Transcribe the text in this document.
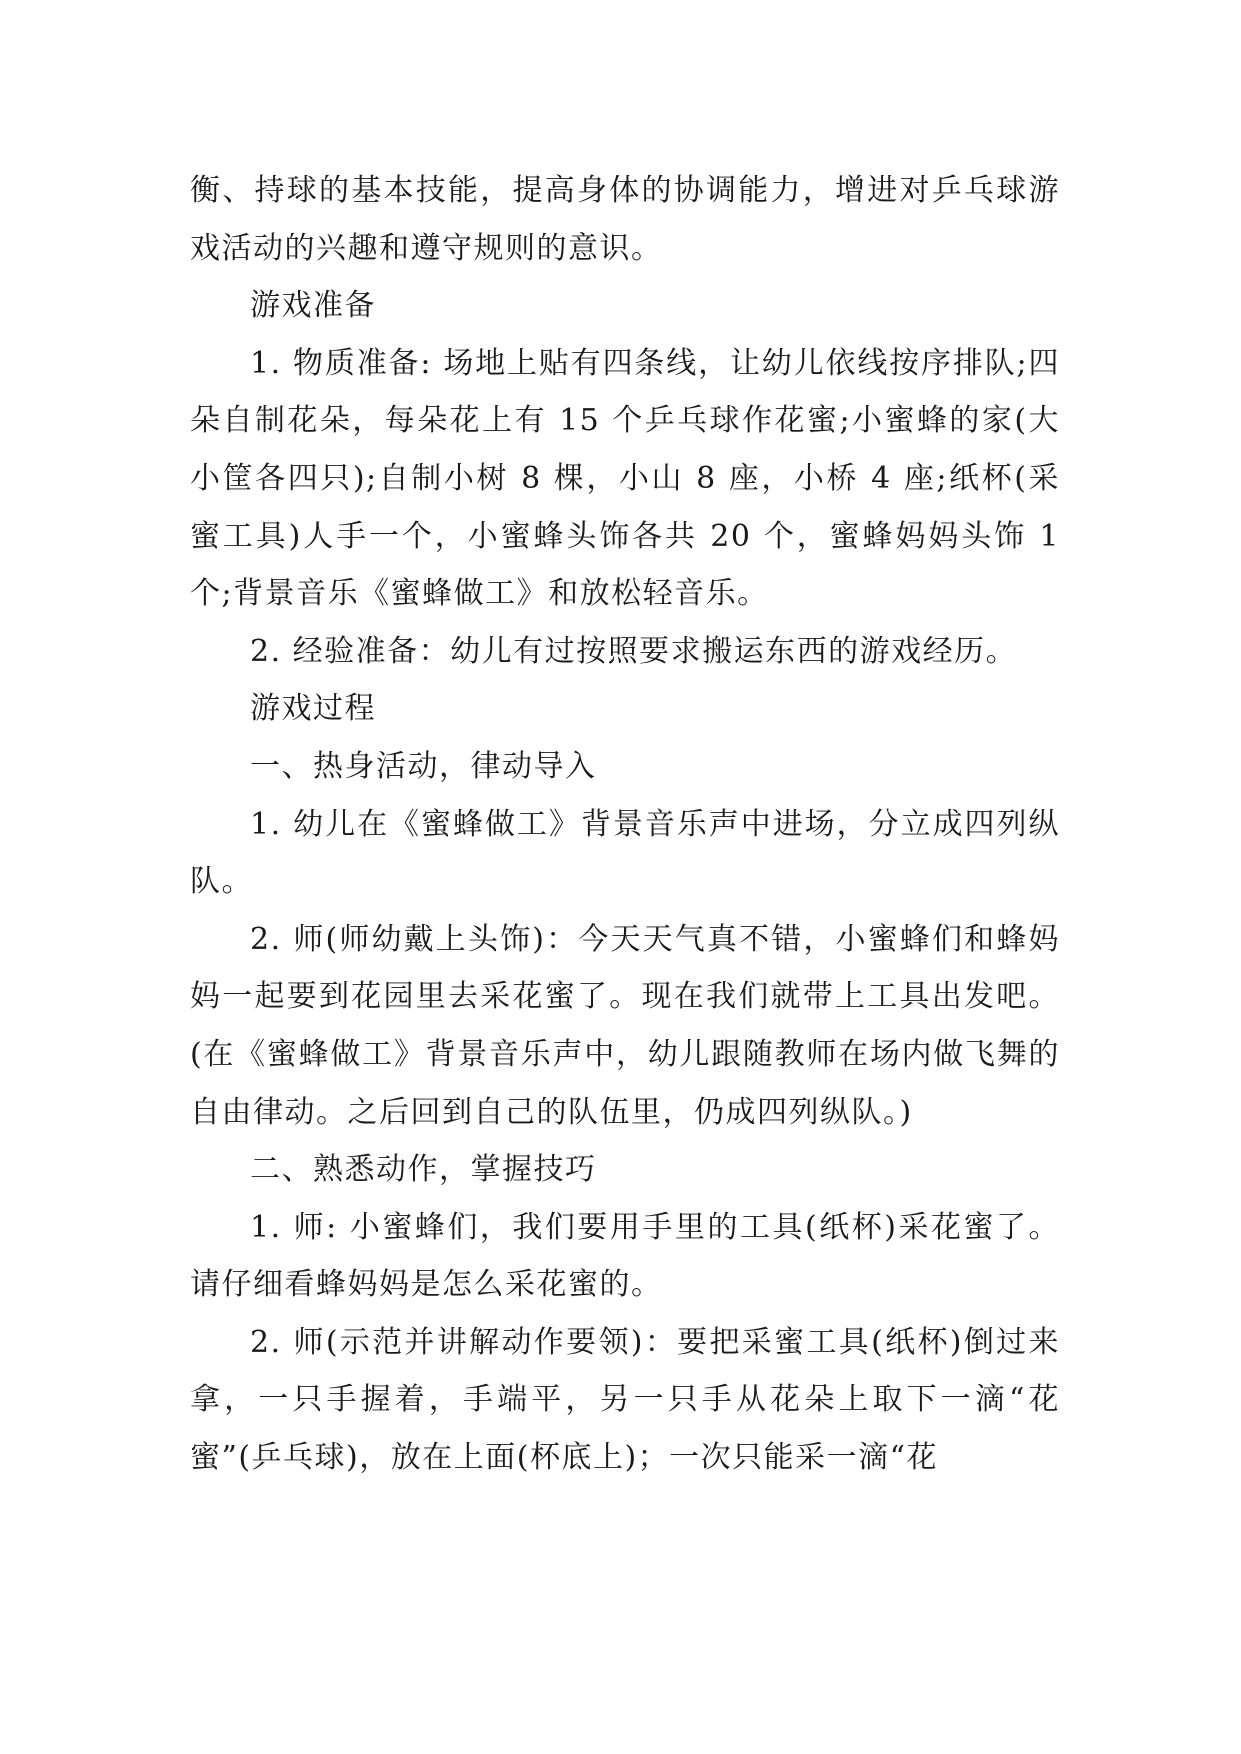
衡、持球的基本技能，提高身体的协调能力，增进对乒乓球游戏活动的兴趣和遵守规则的意识。

游戏准备

1. 物质准备: 场地上贴有四条线，让幼儿依线按序排队;四朵自制花朵，每朵花上有 15 个乒乓球作花蜜;小蜜蜂的家(大小筐各四只);自制小树 8 棵，小山 8 座，小桥 4 座;纸杯(采蜜工具)人手一个，小蜜蜂头饰各共 20 个，蜜蜂妈妈头饰 1 个;背景音乐《蜜蜂做工》和放松轻音乐。

2. 经验准备：幼儿有过按照要求搬运东西的游戏经历。

游戏过程

一、热身活动，律动导入

1. 幼儿在《蜜蜂做工》背景音乐声中进场，分立成四列纵队。

2. 师(师幼戴上头饰)：今天天气真不错，小蜜蜂们和蜂妈妈一起要到花园里去采花蜜了。现在我们就带上工具出发吧。(在《蜜蜂做工》背景音乐声中，幼儿跟随教师在场内做飞舞的自由律动。之后回到自己的队伍里，仍成四列纵队。)

二、熟悉动作，掌握技巧

1. 师: 小蜜蜂们，我们要用手里的工具(纸杯)采花蜜了。请仔细看蜂妈妈是怎么采花蜜的。

2. 师(示范并讲解动作要领)：要把采蜜工具(纸杯)倒过来拿，一只手握着，手端平，另一只手从花朵上取下一滴“花蜜”(乒乓球)，放在上面(杯底上)；一次只能采一滴“花
